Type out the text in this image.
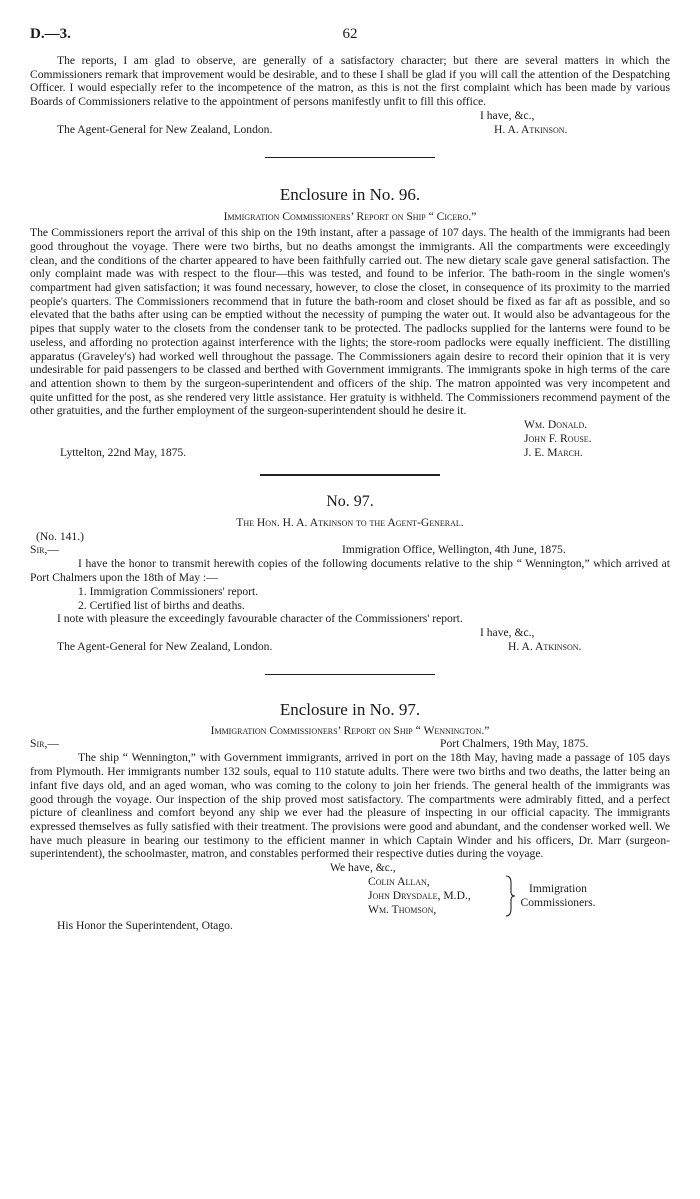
D.—3.	62

The reports, I am glad to observe, are generally of a satisfactory character; but there are several matters in which the Commissioners remark that improvement would be desirable, and to these I shall be glad if you will call the attention of the Despatching Officer. I would especially refer to the incompetence of the matron, as this is not the first complaint which has been made by various Boards of Commissioners relative to the appointment of persons manifestly unfit to fill this office.

I have, &c.,
The Agent-General for New Zealand, London.	H. A. Atkinson.
Enclosure in No. 96.
Immigration Commissioners’ Report on Ship “ Cicero.”

The Commissioners report the arrival of this ship on the 19th instant, after a passage of 107 days. The health of the immigrants had been good throughout the voyage. There were two births, but no deaths amongst the immigrants. All the compartments were exceedingly clean, and the conditions of the charter appeared to have been faithfully carried out. The new dietary scale gave general satisfaction. The only complaint made was with respect to the flour—this was tested, and found to be inferior. The bath-room in the single women's compartment had given satisfaction; it was found necessary, however, to close the closet, in consequence of its proximity to the married people's quarters. The Commissioners recommend that in future the bath-room and closet should be fixed as far aft as possible, and so elevated that the baths after using can be emptied without the necessity of pumping the water out. It would also be advantageous for the pipes that supply water to the closets from the condenser tank to be protected. The padlocks supplied for the lanterns were found to be useless, and affording no protection against interference with the lights; the store-room padlocks were equally inefficient. The distilling apparatus (Graveley's) had worked well throughout the passage. The Commissioners again desire to record their opinion that it is very undesirable for paid passengers to be classed and berthed with Government immigrants. The immigrants spoke in high terms of the care and attention shown to them by the surgeon-superintendent and officers of the ship. The matron appointed was very incompetent and quite unfitted for the post, as she rendered very little assistance. Her gratuity is withheld. The Commissioners recommend payment of the other gratuities, and the further employment of the surgeon-superintendent should he desire it.

Wm. Donald.
John F. Rouse.
J. E. March.
Lyttelton, 22nd May, 1875.
No. 97.
The Hon. H. A. Atkinson to the Agent-General.
(No. 141.)
Sir,—	Immigration Office, Wellington, 4th June, 1875.

I have the honor to transmit herewith copies of the following documents relative to the ship “ Wennington,” which arrived at Port Chalmers upon the 18th of May :—

1. Immigration Commissioners' report.
2. Certified list of births and deaths.
I note with pleasure the exceedingly favourable character of the Commissioners' report.
I have, &c.,
The Agent-General for New Zealand, London.	H. A. Atkinson.
Enclosure in No. 97.
Immigration Commissioners’ Report on Ship “ Wennington.”
Sir,—	Port Chalmers, 19th May, 1875.

The ship “ Wennington,” with Government immigrants, arrived in port on the 18th May, having made a passage of 105 days from Plymouth. Her immigrants number 132 souls, equal to 110 statute adults. There were two births and two deaths, the latter being an infant five days old, and an aged woman, who was coming to the colony to join her friends. The general health of the immigrants was good through the voyage. Our inspection of the ship proved most satisfactory. The compartments were admirably fitted, and a perfect picture of cleanliness and comfort beyond any ship we ever had the pleasure of inspecting in our official capacity. The immigrants expressed themselves as fully satisfied with their treatment. The provisions were good and abundant, and the condenser worked well. We have much pleasure in bearing our testimony to the efficient manner in which Captain Winder and his officers, Dr. Marr (surgeon-superintendent), the schoolmaster, matron, and constables performed their respective duties during the voyage.

We have, &c.,
Colin Allan,
John Drysdale, M.D.,
Wm. Thomson,
Immigration
Commissioners.
His Honor the Superintendent, Otago.
